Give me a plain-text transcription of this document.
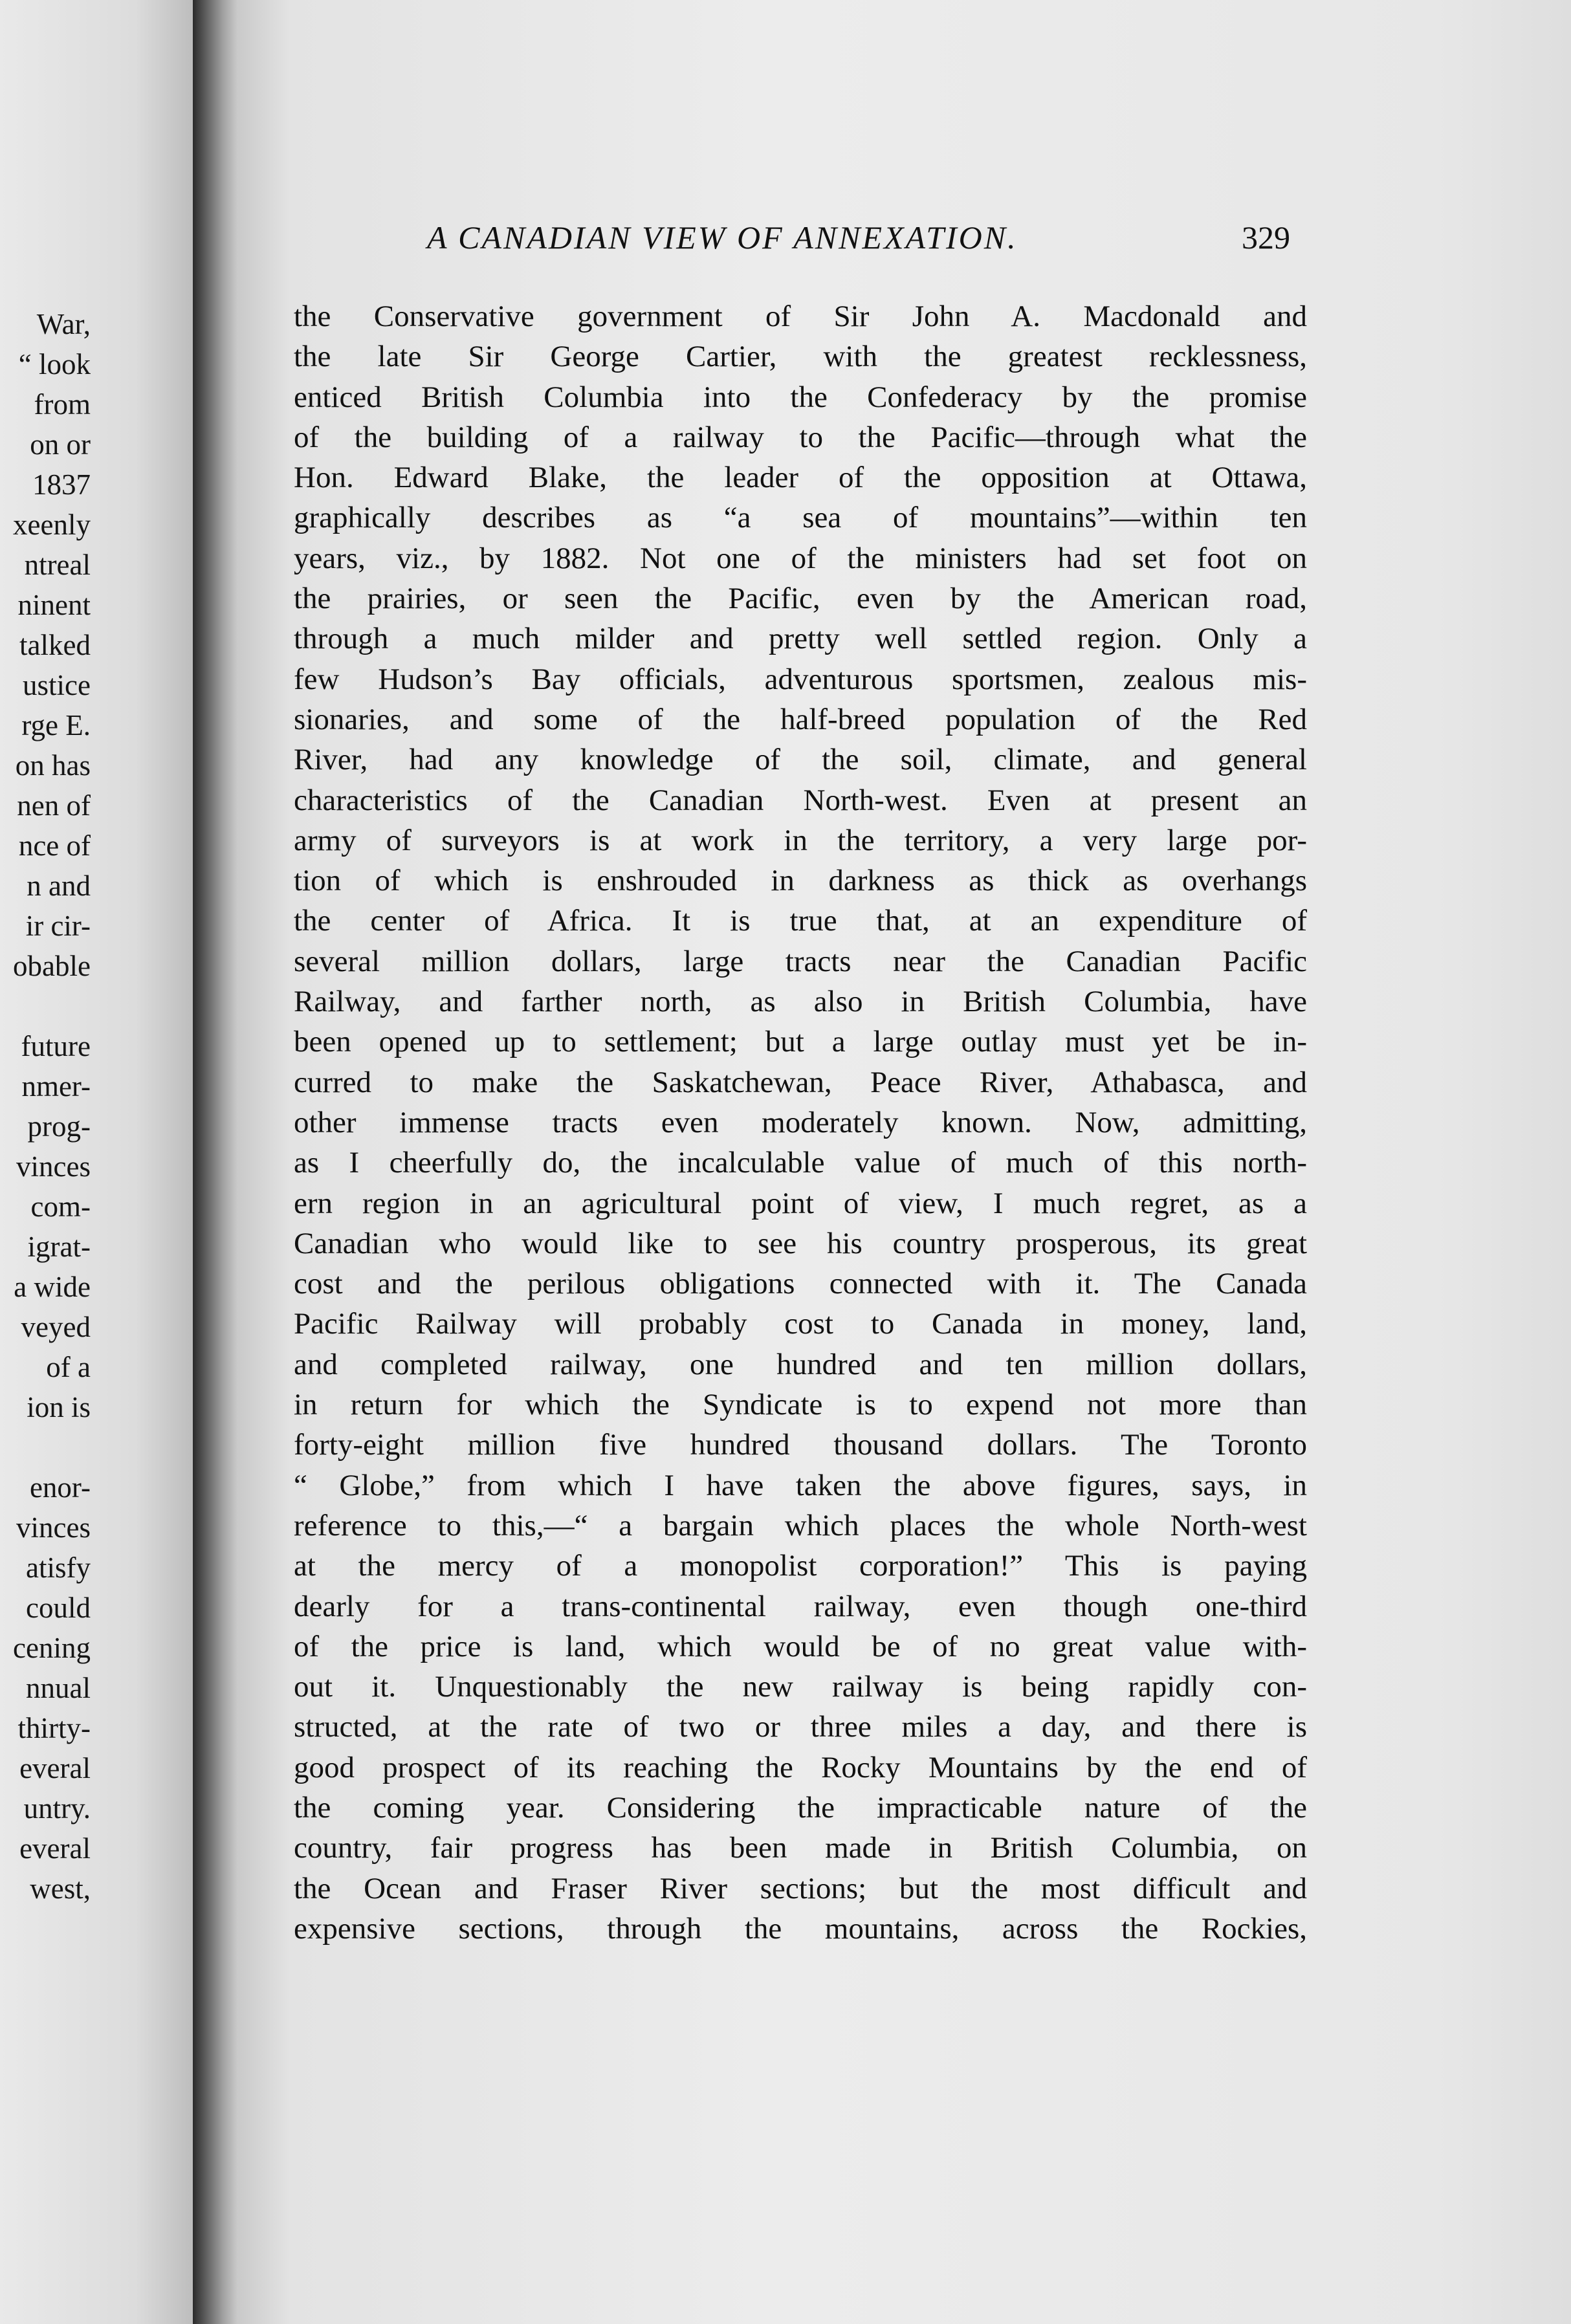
War,
“ look
from
on or
1837
xeenly
ntreal
ninent
talked
ustice
rge E.
on has
nen of
nce of
n and
ir cir-
obable
future
nmer-
prog-
vinces
com-
igrat-
a wide
veyed
of a
ion is
enor-
vinces
atisfy
could
cening
nnual
thirty-
everal
untry.
everal
west,
A CANADIAN VIEW OF ANNEXATION.	329
the Conservative government of Sir John A. Macdonald and
the late Sir George Cartier, with the greatest recklessness,
enticed British Columbia into the Confederacy by the promise
of the building of a railway to the Pacific—through what the
Hon. Edward Blake, the leader of the opposition at Ottawa,
graphically describes as “a sea of mountains”—within ten
years, viz., by 1882. Not one of the ministers had set foot on
the prairies, or seen the Pacific, even by the American road,
through a much milder and pretty well settled region. Only a
few Hudson’s Bay officials, adventurous sportsmen, zealous mis-
sionaries, and some of the half-breed population of the Red
River, had any knowledge of the soil, climate, and general
characteristics of the Canadian North-west. Even at present an
army of surveyors is at work in the territory, a very large por-
tion of which is enshrouded in darkness as thick as overhangs
the center of Africa. It is true that, at an expenditure of
several million dollars, large tracts near the Canadian Pacific
Railway, and farther north, as also in British Columbia, have
been opened up to settlement; but a large outlay must yet be in-
curred to make the Saskatchewan, Peace River, Athabasca, and
other immense tracts even moderately known. Now, admitting,
as I cheerfully do, the incalculable value of much of this north-
ern region in an agricultural point of view, I much regret, as a
Canadian who would like to see his country prosperous, its great
cost and the perilous obligations connected with it. The Canada
Pacific Railway will probably cost to Canada in money, land,
and completed railway, one hundred and ten million dollars,
in return for which the Syndicate is to expend not more than
forty-eight million five hundred thousand dollars. The Toronto
“ Globe,” from which I have taken the above figures, says, in
reference to this,—“ a bargain which places the whole North-west
at the mercy of a monopolist corporation!” This is paying
dearly for a trans-continental railway, even though one-third
of the price is land, which would be of no great value with-
out it. Unquestionably the new railway is being rapidly con-
structed, at the rate of two or three miles a day, and there is
good prospect of its reaching the Rocky Mountains by the end of
the coming year. Considering the impracticable nature of the
country, fair progress has been made in British Columbia, on
the Ocean and Fraser River sections; but the most difficult and
expensive sections, through the mountains, across the Rockies,
